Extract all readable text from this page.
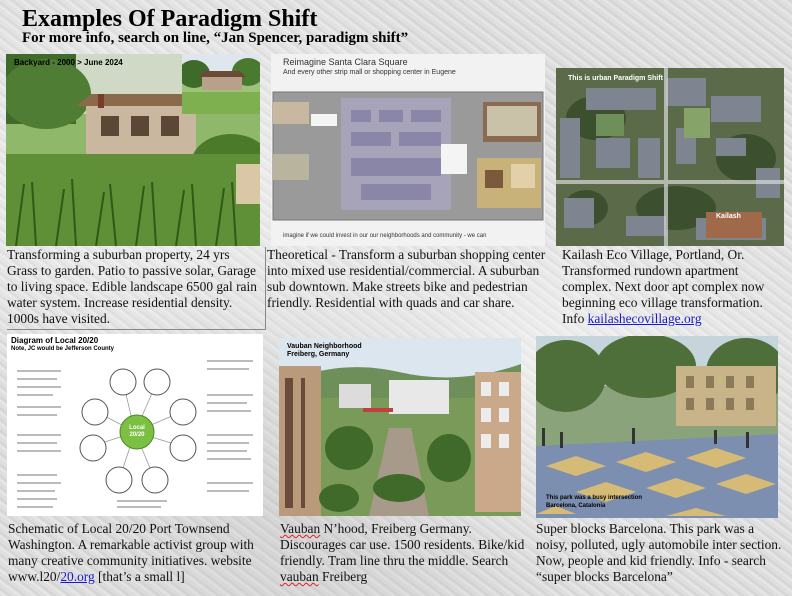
Examples Of Paradigm Shift
For more info, search on line, “Jan Spencer, paradigm shift”
Backyard - 2000 > June 2024
Transforming a suburban property, 24 yrs Grass to garden. Patio to passive solar, Garage to living space. Edible landscape 6500 gal rain water system. Increase residential density. 1000s have visited.
Reimagine Santa Clara Square
And every other strip mall or shopping center in Eugene
imagine if we could invest in our our neighborhoods and community - we can
Theoretical - Transform a suburban shopping center into mixed use residential/commercial. A suburban sub downtown. Make streets bike and pedestrian friendly. Residential with quads and car share.
This is urban Paradigm Shift
Kailash
Kailash Eco Village, Portland, Or. Transformed rundown apartment complex. Next door apt complex now beginning eco village transformation. Info kailashecovillage.org
Diagram of Local 20/20
Note, JC would be Jefferson County
Local 20/20
Schematic of Local 20/20 Port Townsend Washington. A remarkable activist group with many creative community initiatives. website www.l20/20.org [that’s a small l]
Vauban Neighborhood
Freiberg, Germany
Vauban N’hood, Freiberg Germany. Discourages car use. 1500 residents. Bike/kid friendly. Tram line thru the middle. Search vauban Freiberg
This park was a busy intersection
Barcelona, Catalonia
Super blocks Barcelona. This park was a noisy, polluted, ugly automobile inter section. Now, people and kid friendly. Info - search “super blocks Barcelona”
